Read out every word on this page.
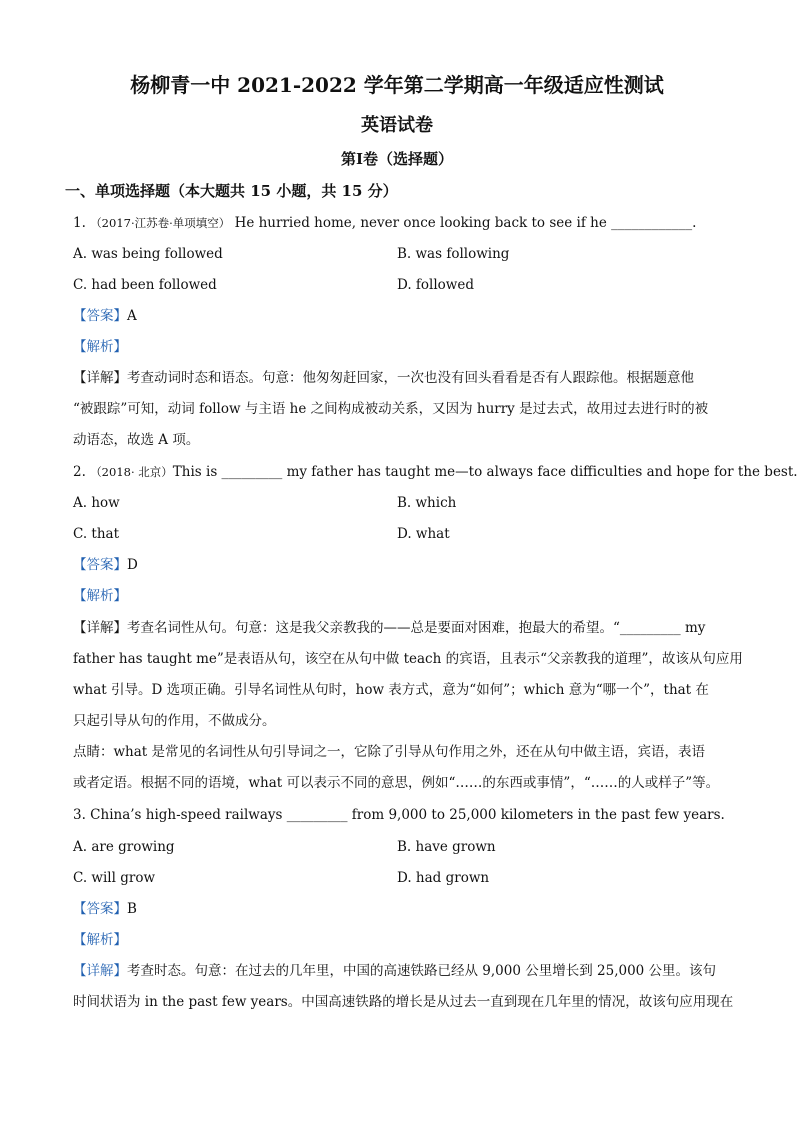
杨柳青一中 2021-2022 学年第二学期高一年级适应性测试
英语试卷
第Ⅰ卷（选择题）
一、单项选择题（本大题共 15 小题，共 15 分）
1. （2017·江苏卷·单项填空） He hurried home, never once looking back to see if he ____________.
A. was being followed	B. was following
C. had been followed	D. followed
【答案】A
【解析】
【详解】考查动词时态和语态。句意：他匆匆赶回家，一次也没有回头看看是否有人跟踪他。根据题意他
“被跟踪”可知，动词 follow 与主语 he 之间构成被动关系，又因为 hurry 是过去式，故用过去进行时的被
动语态，故选 A 项。
2. （2018· 北京）This is _________ my father has taught me—to always face difficulties and hope for the best.
A. how	B. which
C. that	D. what
【答案】D
【解析】
【详解】考查名词性从句。句意：这是我父亲教我的——总是要面对困难，抱最大的希望。“_________ my
father has taught me”是表语从句，该空在从句中做 teach 的宾语，且表示“父亲教我的道理”，故该从句应用
what 引导。D 选项正确。引导名词性从句时，how 表方式，意为“如何”；which 意为“哪一个”，that 在
只起引导从句的作用，不做成分。
点睛：what 是常见的名词性从句引导词之一，它除了引导从句作用之外，还在从句中做主语，宾语，表语
或者定语。根据不同的语境，what 可以表示不同的意思，例如“……的东西或事情”，“……的人或样子”等。
3. China’s high-speed railways _________ from 9,000 to 25,000 kilometers in the past few years.
A. are growing	B. have grown
C. will grow	D. had grown
【答案】B
【解析】
【详解】考查时态。句意：在过去的几年里，中国的高速铁路已经从 9,000 公里增长到 25,000 公里。该句
时间状语为 in the past few years。中国高速铁路的增长是从过去一直到现在几年里的情况，故该句应用现在
